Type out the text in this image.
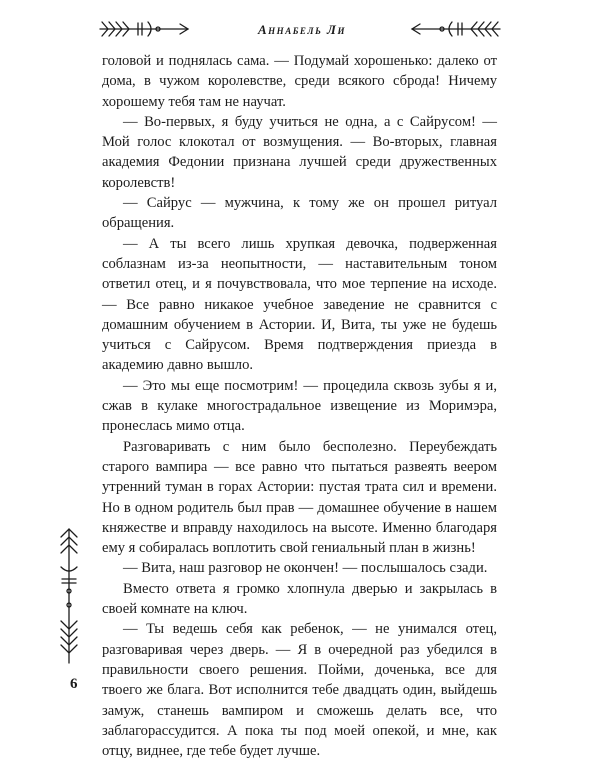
Аннабель Ли

головой и поднялась сама. — Подумай хорошенько: далеко от дома, в чужом королевстве, среди всякого сброда! Ничему хорошему тебя там не научат.

— Во-первых, я буду учиться не одна, а с Сайрусом! — Мой голос клокотал от возмущения. — Во-вторых, главная академия Федонии признана лучшей среди дружественных королевств!

— Сайрус — мужчина, к тому же он прошел ритуал обращения.

— А ты всего лишь хрупкая девочка, подверженная соблазнам из-за неопытности, — наставительным тоном ответил отец, и я почувствовала, что мое терпение на исходе. — Все равно никакое учебное заведение не сравнится с домашним обучением в Астории. И, Вита, ты уже не будешь учиться с Сайрусом. Время подтверждения приезда в академию давно вышло.

— Это мы еще посмотрим! — процедила сквозь зубы я и, сжав в кулаке многострадальное извещение из Моримэра, пронеслась мимо отца.

Разговаривать с ним было бесполезно. Переубеждать старого вампира — все равно что пытаться развеять веером утренний туман в горах Астории: пустая трата сил и времени. Но в одном родитель был прав — домашнее обучение в нашем княжестве и вправду находилось на высоте. Именно благодаря ему я собиралась воплотить свой гениальный план в жизнь!

— Вита, наш разговор не окончен! — послышалось сзади.

Вместо ответа я громко хлопнула дверью и закрылась в своей комнате на ключ.

— Ты ведешь себя как ребенок, — не унимался отец, разговаривая через дверь. — Я в очередной раз убедился в правильности своего решения. Пойми, доченька, все для твоего же блага. Вот исполнится тебе двадцать один, выйдешь замуж, станешь вампиром и сможешь делать все, что заблагорассудится. А пока ты под моей опекой, и мне, как отцу, виднее, где тебе будет лучше.

6
